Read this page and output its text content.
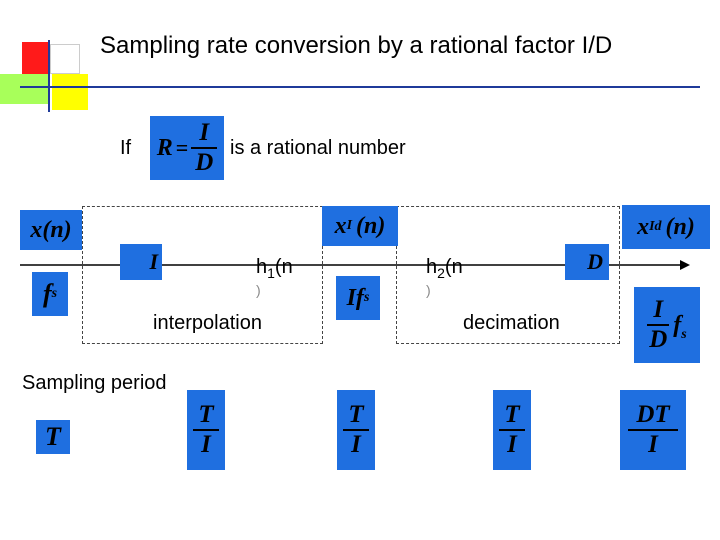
Sampling rate conversion by a rational factor I/D
If $R = \frac{I}{D}$ is a rational number
x(n)
f s
I	$h_1(n$
)
x I (n)
If s
$h_2(n$
)
D
x Id (n)
$\frac{I}{D}$ f s
interpolation	decimation
Sampling period
T
T
I
T
I
T
I
DT
I
